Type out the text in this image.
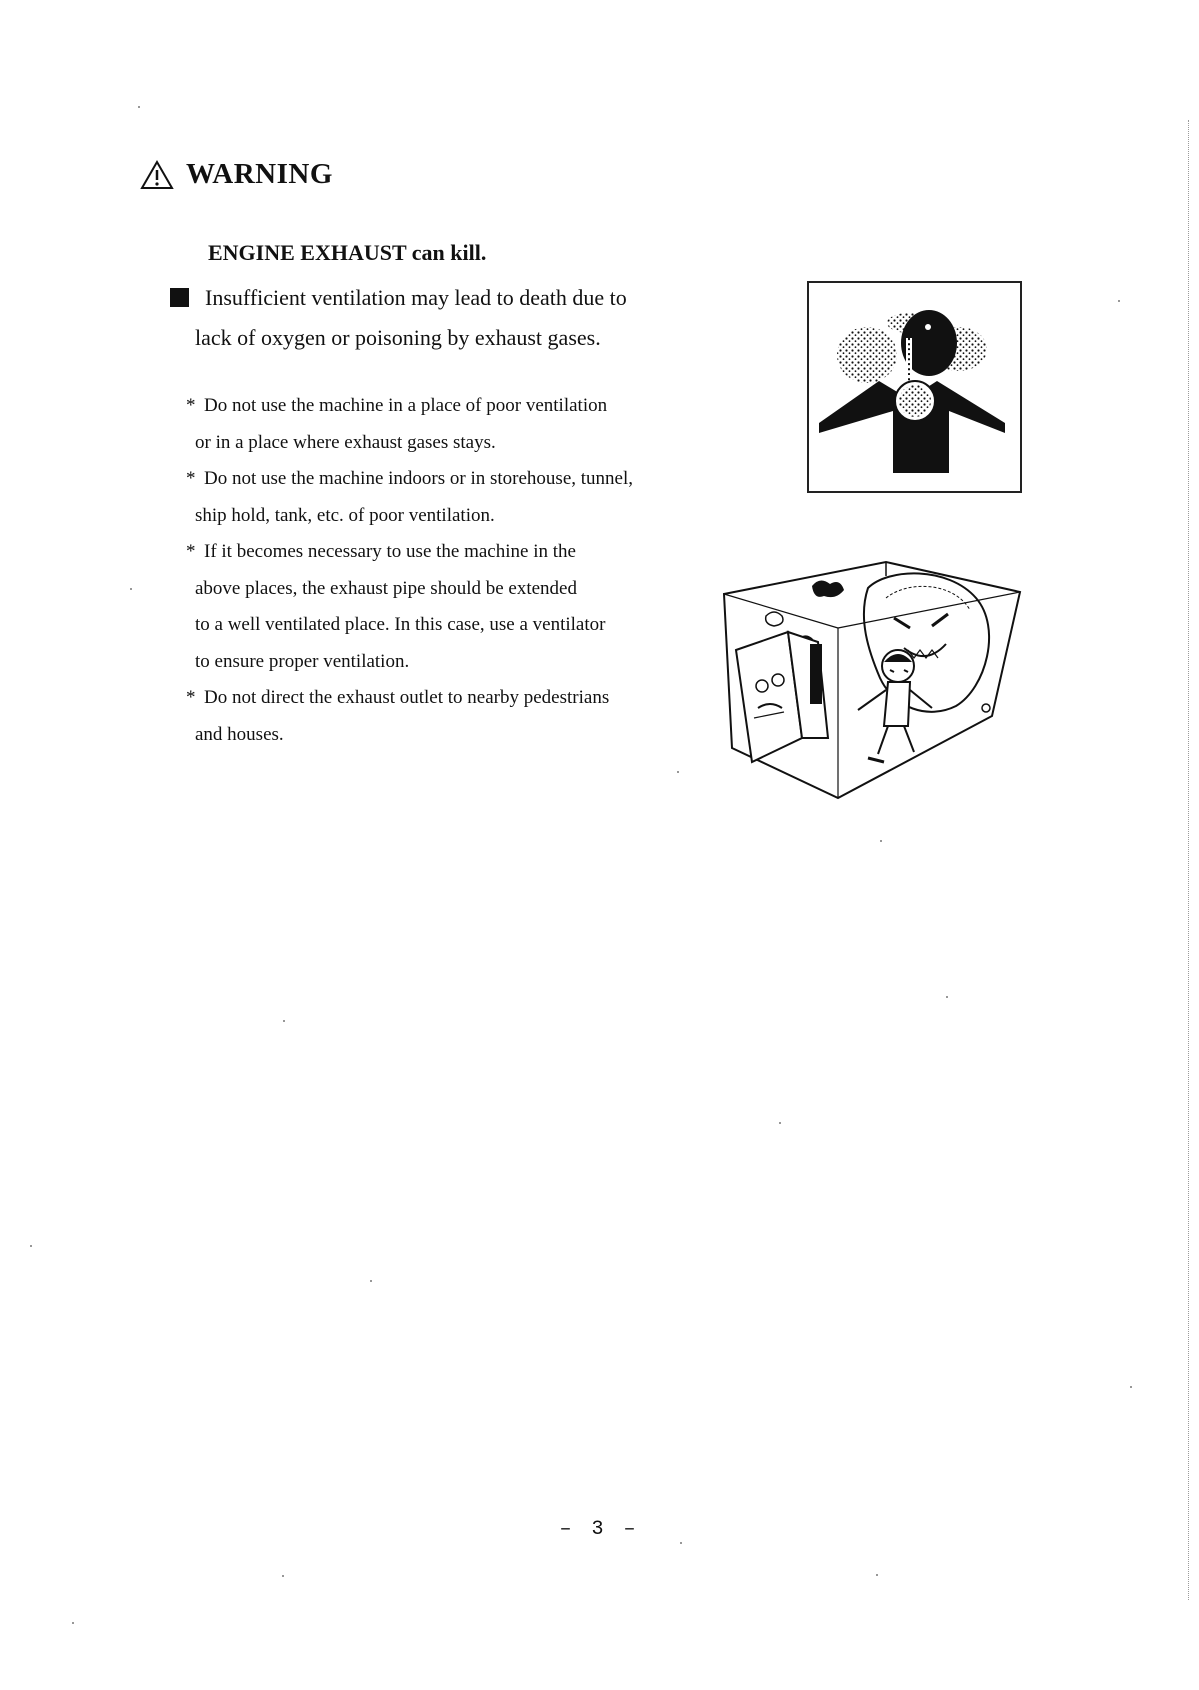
WARNING
ENGINE EXHAUST can kill.
Insufficient ventilation may lead to death due to
lack of oxygen or poisoning by exhaust gases.
* Do not use the machine in a place of poor ventilation
or in a place where exhaust gases stays.
* Do not use the machine indoors or in storehouse, tunnel,
ship hold, tank, etc. of poor ventilation.
* If it becomes necessary to use the machine in the
above places, the exhaust pipe should be extended
to a well ventilated place. In this case, use a ventilator
to ensure proper ventilation.
* Do not direct the exhaust outlet to nearby pedestrians
and houses.
– 3 –
